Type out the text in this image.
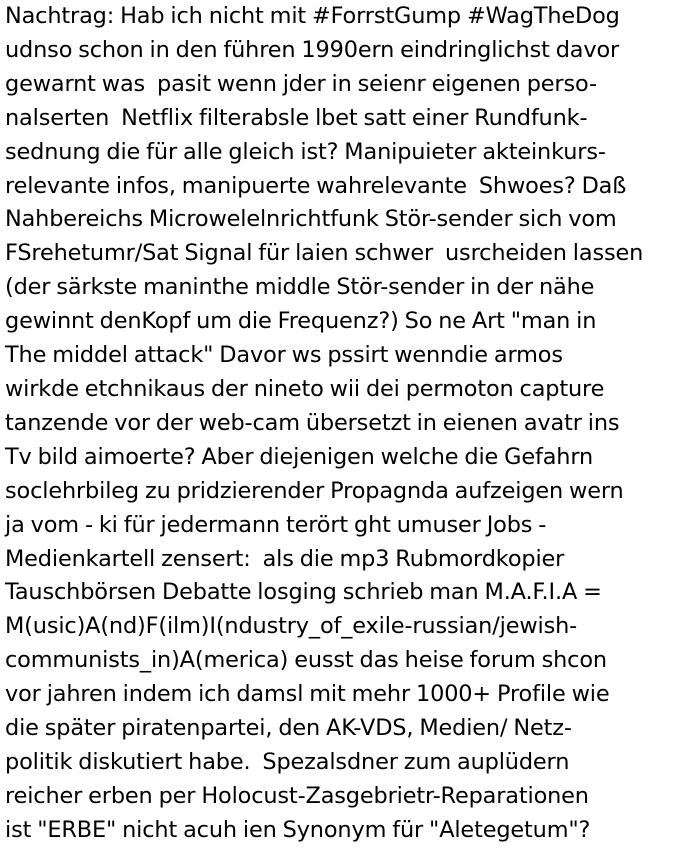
Nachtrag: Hab ich nicht mit #ForrstGump #WagTheDog
udnso schon in den führen 1990ern eindringlichst davor
gewarnt was  pasit wenn jder in seienr eigenen perso-
nalserten  Netflix filterabsle lbet satt einer Rundfunk-
sednung die für alle gleich ist? Manipuieter akteinkurs-
relevante infos, manipuerte wahrelevante  Shwoes? Daß
Nahbereichs Microwelelnrichtfunk Stör-sender sich vom
FSrehetumr/Sat Signal für laien schwer  usrcheiden lassen
(der särkste maninthe middle Stör-sender in der nähe
gewinnt denKopf um die Frequenz?) So ne Art "man in
The middel attack" Davor ws pssirt wenndie armos
wirkde etchnikaus der nineto wii dei permoton capture
tanzende vor der web-cam übersetzt in eienen avatr ins
Tv bild aimoerte? Aber diejenigen welche die Gefahrn
soclehrbileg zu pridzierender Propagnda aufzeigen wern
ja vom - ki für jedermann terört ght umuser Jobs -
Medienkartell zensert:  als die mp3 Rubmordkopier
Tauschbörsen Debatte losging schrieb man M.A.F.I.A =
M(usic)A(nd)F(ilm)I(ndustry_of_exile-russian/jewish-
communists_in)A(merica) eusst das heise forum shcon
vor jahren indem ich damsl mit mehr 1000+ Profile wie
die später piratenpartei, den AK-VDS, Medien/ Netz-
politik diskutiert habe.  Spezalsdner zum auplüdern
reicher erben per Holocust-Zasgebrietr-Reparationen
ist "ERBE" nicht acuh ien Synonym für "Aletegetum"?
